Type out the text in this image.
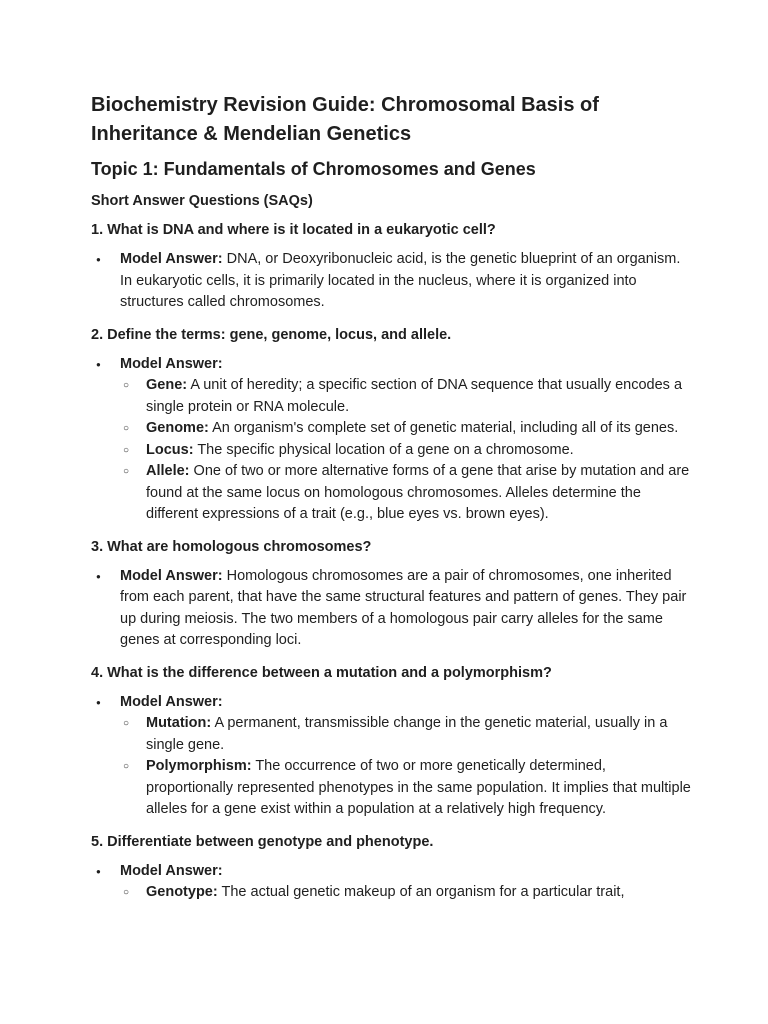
Biochemistry Revision Guide: Chromosomal Basis of Inheritance & Mendelian Genetics
Topic 1: Fundamentals of Chromosomes and Genes
Short Answer Questions (SAQs)

1. What is DNA and where is it located in a eukaryotic cell?

● Model Answer: DNA, or Deoxyribonucleic acid, is the genetic blueprint of an organism. In eukaryotic cells, it is primarily located in the nucleus, where it is organized into structures called chromosomes.

2. Define the terms: gene, genome, locus, and allele.

● Model Answer:
○ Gene: A unit of heredity; a specific section of DNA sequence that usually encodes a single protein or RNA molecule.
○ Genome: An organism's complete set of genetic material, including all of its genes.
○ Locus: The specific physical location of a gene on a chromosome.
○ Allele: One of two or more alternative forms of a gene that arise by mutation and are found at the same locus on homologous chromosomes. Alleles determine the different expressions of a trait (e.g., blue eyes vs. brown eyes).

3. What are homologous chromosomes?

● Model Answer: Homologous chromosomes are a pair of chromosomes, one inherited from each parent, that have the same structural features and pattern of genes. They pair up during meiosis. The two members of a homologous pair carry alleles for the same genes at corresponding loci.

4. What is the difference between a mutation and a polymorphism?

● Model Answer:
○ Mutation: A permanent, transmissible change in the genetic material, usually in a single gene.
○ Polymorphism: The occurrence of two or more genetically determined, proportionally represented phenotypes in the same population. It implies that multiple alleles for a gene exist within a population at a relatively high frequency.

5. Differentiate between genotype and phenotype.

● Model Answer:
○ Genotype: The actual genetic makeup of an organism for a particular trait,
